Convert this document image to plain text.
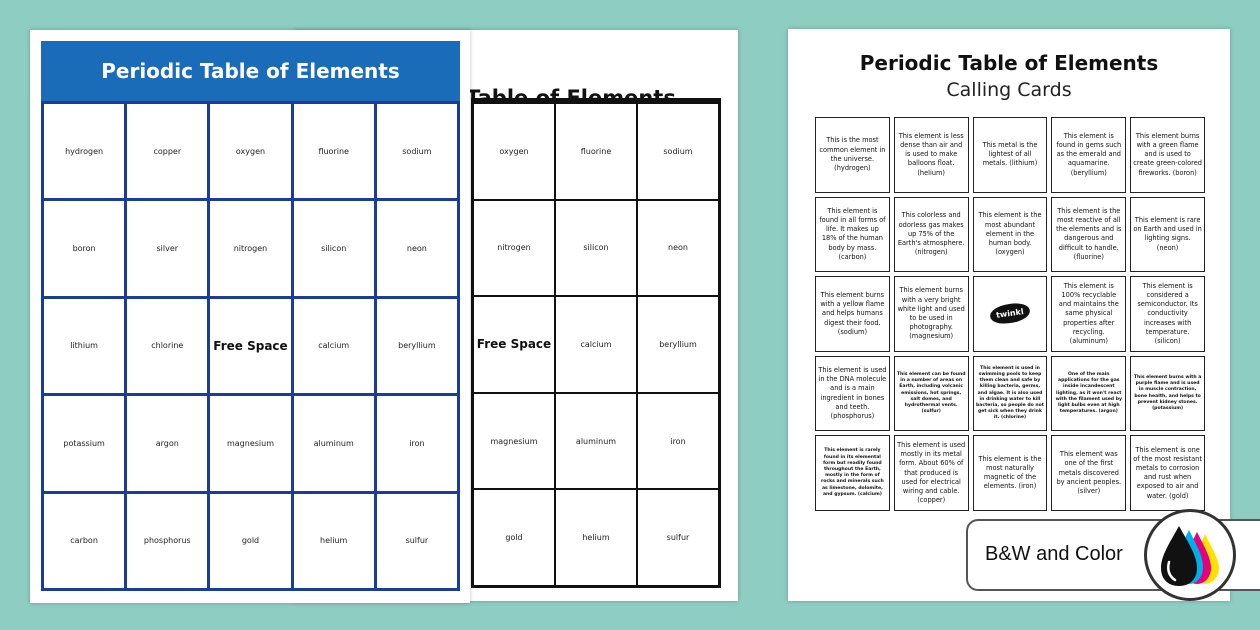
oxygen	fluorine	sodium
nitrogen	silicon	neon
Free Space	calcium	beryllium
magnesium	aluminum	iron
gold	helium	sulfur
Periodic Table of Elements
hydrogen	copper	oxygen	fluorine	sodium
boron	silver	nitrogen	silicon	neon
lithium	chlorine	Free Space	calcium	beryllium
potassium	argon	magnesium	aluminum	iron
carbon	phosphorus	gold	helium	sulfur
Periodic Table of Elements
Calling Cards
This is the most common element in the universe. (hydrogen)
This element is less dense than air and is used to make balloons float. (helium)
This metal is the lightest of all metals. (lithium)
This element is found in gems such as the emerald and aquamarine. (beryllium)
This element burns with a green flame and is used to create green-colored fireworks. (boron)
This element is found in all forms of life. It makes up 18% of the human body by mass. (carbon)
This colorless and odorless gas makes up 75% of the Earth's atmosphere. (nitrogen)
This element is the most abundant element in the human body. (oxygen)
This element is the most reactive of all the elements and is dangerous and difficult to handle. (fluorine)
This element is rare on Earth and used in lighting signs. (neon)
This element burns with a yellow flame and helps humans digest their food. (sodium)
This element burns with a very bright white light and used to be used in photography. (magnesium)
twinkl
This element is 100% recyclable and maintains the same physical properties after recycling. (aluminum)
This element is considered a semiconductor. Its conductivity increases with temperature. (silicon)
This element is used in the DNA molecule and is a main ingredient in bones and teeth. (phosphorus)
This element can be found in a number of areas on Earth, including volcanic emissions, hot springs, salt domes, and hydrothermal vents. (sulfur)
This element is used in swimming pools to keep them clean and safe by killing bacteria, germs, and algae. It is also used in drinking water to kill bacteria, so people do not get sick when they drink it. (chlorine)
One of the main applications for the gas inside incandescent lighting, as it won't react with the filament used by light bulbs even at high temperatures. (argon)
This element burns with a purple flame and is used in muscle contraction, bone health, and helps to prevent kidney stones. (potassium)
This element is rarely found in its elemental form but readily found throughout the Earth, mostly in the form of rocks and minerals such as limestone, dolomite, and gypsum. (calcium)
This element is used mostly in its metal form. About 60% of that produced is used for electrical wiring and cable. (copper)
This element is the most naturally magnetic of the elements. (iron)
This element was one of the first metals discovered by ancient peoples. (silver)
This element is one of the most resistant metals to corrosion and rust when exposed to air and water. (gold)
B&W and Color
